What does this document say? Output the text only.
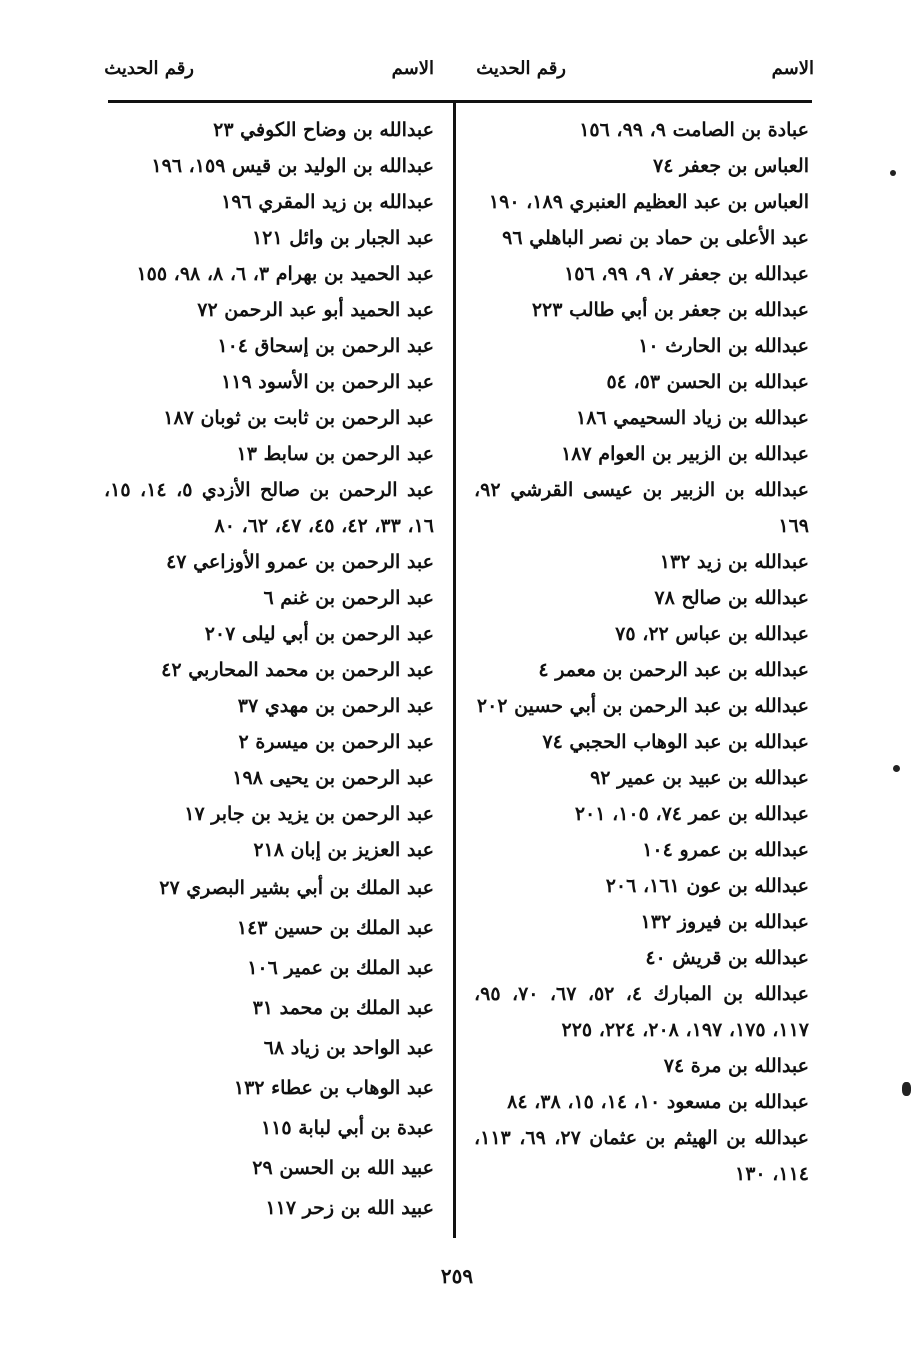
الاسم
رقم الحديث
الاسم
رقم الحديث
عبادة بن الصامت ٩، ٩٩، ١٥٦
العباس بن جعفر ٧٤
العباس بن عبد العظيم العنبري ١٨٩، ١٩٠
عبد الأعلى بن حماد بن نصر الباهلي ٩٦
عبدالله بن جعفر ٧، ٩، ٩٩، ١٥٦
عبدالله بن جعفر بن أبي طالب ٢٢٣
عبدالله بن الحارث ١٠
عبدالله بن الحسن ٥٣، ٥٤
عبدالله بن زياد السحيمي ١٨٦
عبدالله بن الزبير بن العوام ١٨٧
عبدالله بن الزبير بن عيسى القرشي ٩٢، ١٦٩
عبدالله بن زيد ١٣٢
عبدالله بن صالح ٧٨
عبدالله بن عباس ٢٢، ٧٥
عبدالله بن عبد الرحمن بن معمر ٤
عبدالله بن عبد الرحمن بن أبي حسين ٢٠٢
عبدالله بن عبد الوهاب الحجبي ٧٤
عبدالله بن عبيد بن عمير ٩٢
عبدالله بن عمر ٧٤، ١٠٥، ٢٠١
عبدالله بن عمرو ١٠٤
عبدالله بن عون ١٦١، ٢٠٦
عبدالله بن فيروز ١٣٢
عبدالله بن قريش ٤٠
عبدالله بن المبارك ٤، ٥٢، ٦٧، ٧٠، ٩٥، ١١٧، ١٧٥، ١٩٧، ٢٠٨، ٢٢٤، ٢٢٥
عبدالله بن مرة ٧٤
عبدالله بن مسعود ١٠، ١٤، ١٥، ٣٨، ٨٤
عبدالله بن الهيثم بن عثمان ٢٧، ٦٩، ١١٣، ١١٤، ١٣٠
عبدالله بن وضاح الكوفي ٢٣
عبدالله بن الوليد بن قيس ١٥٩، ١٩٦
عبدالله بن زيد المقري ١٩٦
عبد الجبار بن وائل ١٢١
عبد الحميد بن بهرام ٣، ٦، ٨، ٩٨، ١٥٥
عبد الحميد أبو عبد الرحمن ٧٢
عبد الرحمن بن إسحاق ١٠٤
عبد الرحمن بن الأسود ١١٩
عبد الرحمن بن ثابت بن ثوبان ١٨٧
عبد الرحمن بن سابط ١٣
عبد الرحمن بن صالح الأزدي ٥، ١٤، ١٥، ١٦، ٣٣، ٤٢، ٤٥، ٤٧، ٦٢، ٨٠
عبد الرحمن بن عمرو الأوزاعي ٤٧
عبد الرحمن بن غنم ٦
عبد الرحمن بن أبي ليلى ٢٠٧
عبد الرحمن بن محمد المحاربي ٤٢
عبد الرحمن بن مهدي ٣٧
عبد الرحمن بن ميسرة ٢
عبد الرحمن بن يحيى ١٩٨
عبد الرحمن بن يزيد بن جابر ١٧
عبد العزيز بن إبان ٢١٨
عبد الملك بن أبي بشير البصري ٢٧
عبد الملك بن حسين ١٤٣
عبد الملك بن عمير ١٠٦
عبد الملك بن محمد ٣١
عبد الواحد بن زياد ٦٨
عبد الوهاب بن عطاء ١٣٢
عبدة بن أبي لبابة ١١٥
عبيد الله بن الحسن ٢٩
عبيد الله بن زحر ١١٧
٢٥٩
